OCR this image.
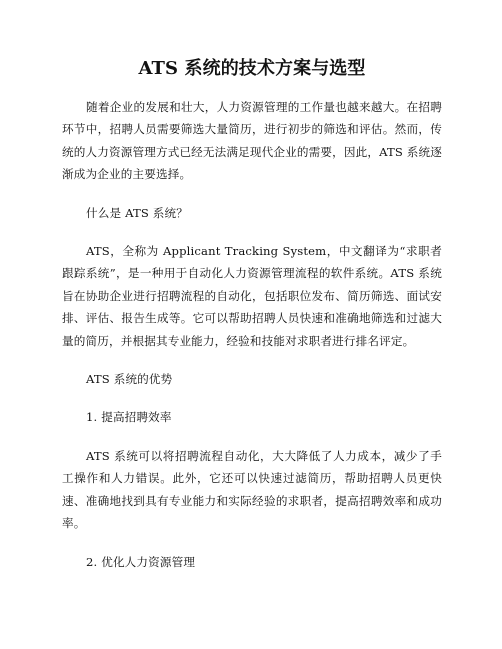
ATS 系统的技术方案与选型

随着企业的发展和壮大，人力资源管理的工作量也越来越大。在招聘环节中，招聘人员需要筛选大量简历，进行初步的筛选和评估。然而，传统的人力资源管理方式已经无法满足现代企业的需要，因此，ATS 系统逐渐成为企业的主要选择。

什么是 ATS 系统？

ATS，全称为 Applicant Tracking System，中文翻译为“求职者跟踪系统”，是一种用于自动化人力资源管理流程的软件系统。ATS 系统旨在协助企业进行招聘流程的自动化，包括职位发布、简历筛选、面试安排、评估、报告生成等。它可以帮助招聘人员快速和准确地筛选和过滤大量的简历，并根据其专业能力，经验和技能对求职者进行排名评定。

ATS 系统的优势

1. 提高招聘效率

ATS 系统可以将招聘流程自动化，大大降低了人力成本，减少了手工操作和人力错误。此外，它还可以快速过滤简历，帮助招聘人员更快速、准确地找到具有专业能力和实际经验的求职者，提高招聘效率和成功率。

2. 优化人力资源管理
